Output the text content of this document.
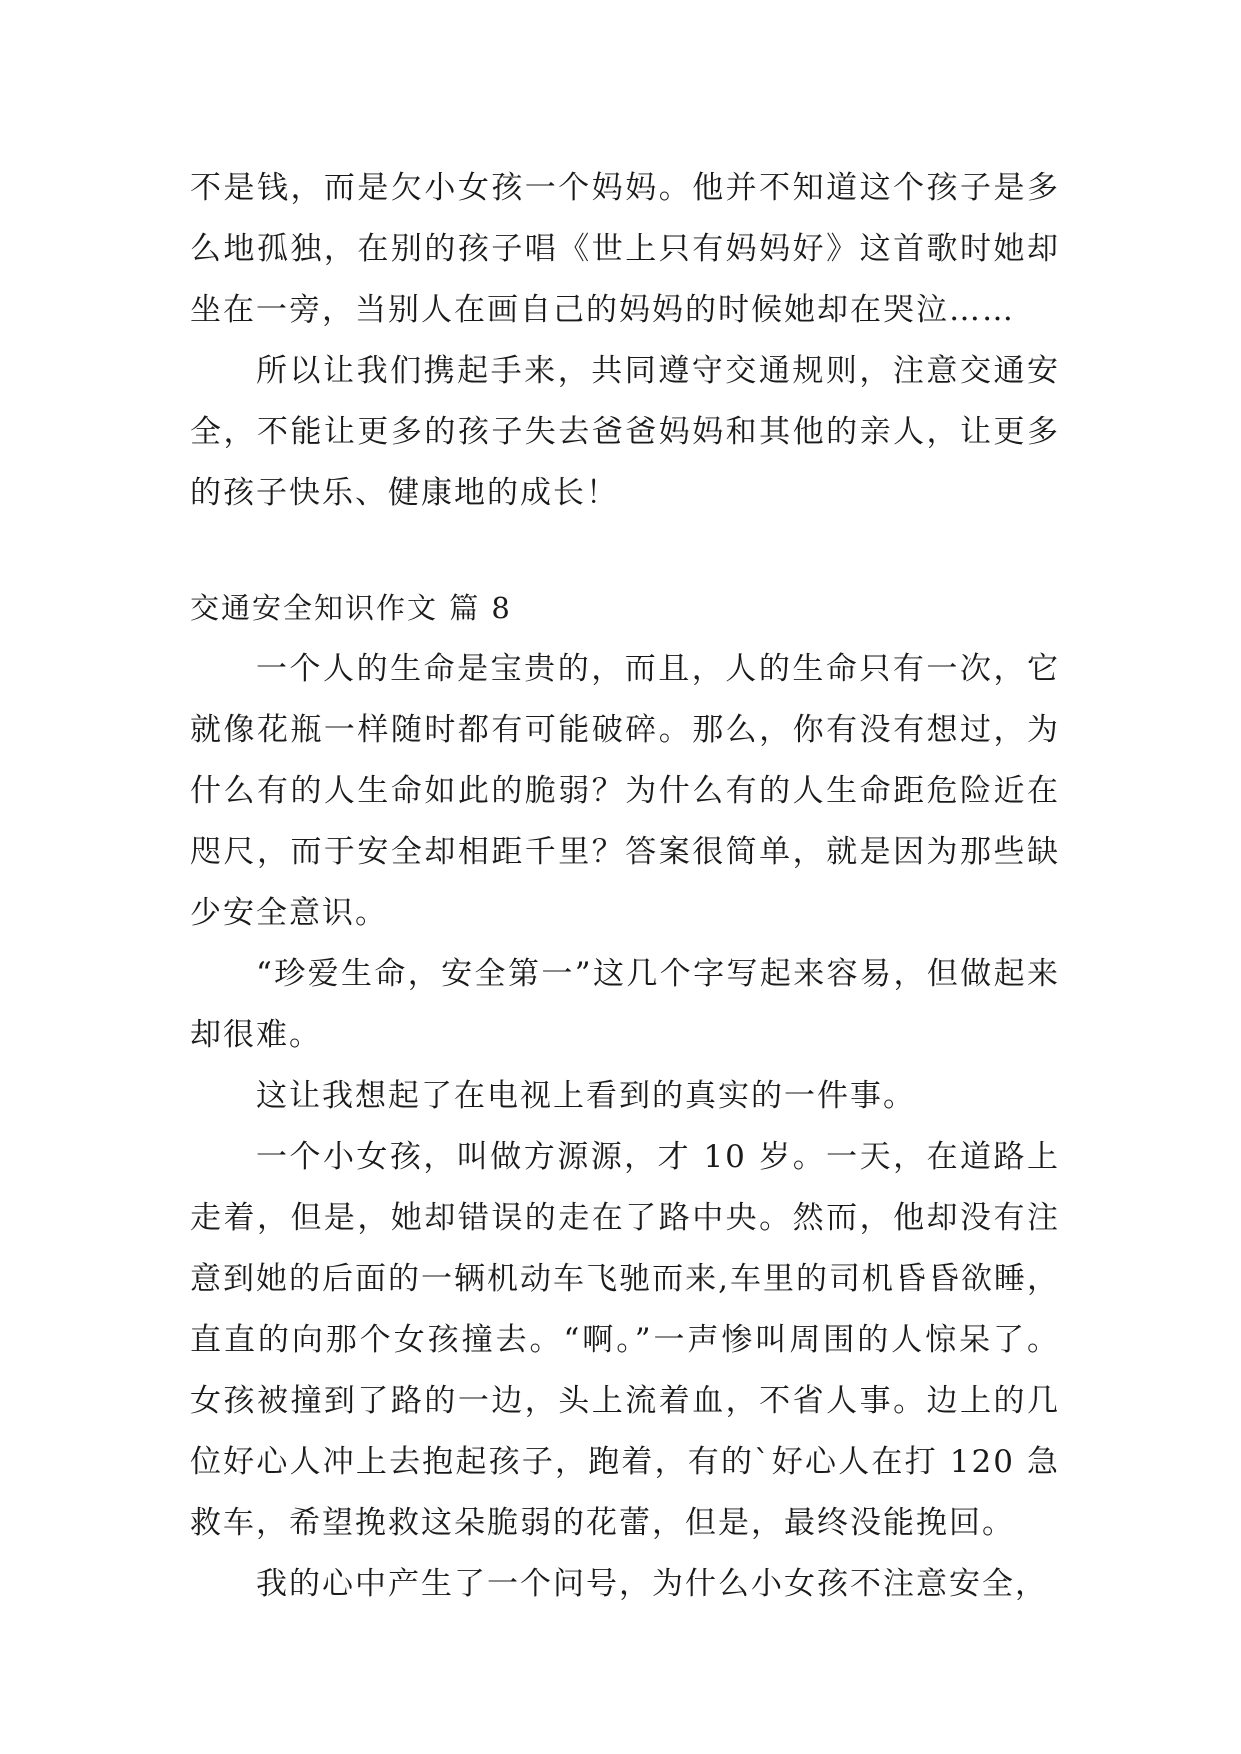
不是钱，而是欠小女孩一个妈妈。他并不知道这个孩子是多么地孤独，在别的孩子唱《世上只有妈妈好》这首歌时她却坐在一旁，当别人在画自己的妈妈的时候她却在哭泣……

所以让我们携起手来，共同遵守交通规则，注意交通安全，不能让更多的孩子失去爸爸妈妈和其他的亲人，让更多的孩子快乐、健康地的成长！

交通安全知识作文 篇 8

一个人的生命是宝贵的，而且，人的生命只有一次，它就像花瓶一样随时都有可能破碎。那么，你有没有想过，为什么有的人生命如此的脆弱？为什么有的人生命距危险近在咫尺，而于安全却相距千里？答案很简单，就是因为那些缺少安全意识。

“珍爱生命，安全第一”这几个字写起来容易，但做起来却很难。

这让我想起了在电视上看到的真实的一件事。

一个小女孩，叫做方源源，才 10 岁。一天，在道路上走着，但是，她却错误的走在了路中央。然而，他却没有注意到她的后面的一辆机动车飞驰而来,车里的司机昏昏欲睡，直直的向那个女孩撞去。“啊。”一声惨叫周围的人惊呆了。女孩被撞到了路的一边，头上流着血，不省人事。边上的几位好心人冲上去抱起孩子，跑着，有的`好心人在打 120 急救车，希望挽救这朵脆弱的花蕾，但是，最终没能挽回。

我的心中产生了一个问号，为什么小女孩不注意安全，
